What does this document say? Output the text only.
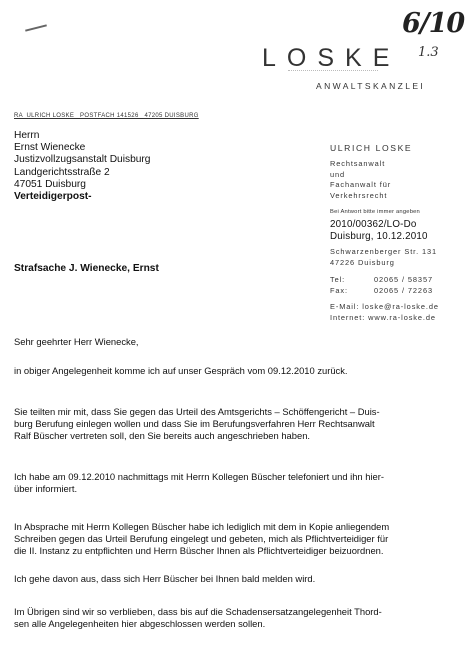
6/10
1.3
LOSKE
ANWALTSKANZLEI
RA  ULRICH LOSKE   POSTFACH 141526   47205 DUISBURG
Herrn
Ernst Wienecke
Justizvollzugsanstalt Duisburg
Landgerichtsstraße 2
47051 Duisburg
Verteidigerpost-
ULRICH LOSKE
Rechtsanwalt
und
Fachanwalt für
Verkehrsrecht
Bei Antwort bitte immer angeben
2010/00362/LO-Do
Duisburg, 10.12.2010
Schwarzenberger Str. 131
47226 Duisburg
Tel:	02065 / 58357
Fax:	02065 / 72263
E-Mail: loske@ra-loske.de
Internet: www.ra-loske.de
Strafsache J. Wienecke, Ernst
Sehr geehrter Herr Wienecke,
in obiger Angelegenheit komme ich auf unser Gespräch vom 09.12.2010 zurück.
Sie teilten mir mit, dass Sie gegen das Urteil des Amtsgerichts – Schöffengericht – Duis-
burg Berufung einlegen wollen und dass Sie im Berufungsverfahren Herr Rechtsanwalt
Ralf Büscher vertreten soll, den Sie bereits auch angeschrieben haben.
Ich habe am 09.12.2010 nachmittags mit Herrn Kollegen Büscher telefoniert und ihn hier-
über informiert.
In Absprache mit Herrn Kollegen Büscher habe ich lediglich mit dem in Kopie anliegendem
Schreiben gegen das Urteil Berufung eingelegt und gebeten, mich als Pflichtverteidiger für
die II. Instanz zu entpflichten und Herrn Büscher Ihnen als Pflichtverteidiger beizuordnen.
Ich gehe davon aus, dass sich Herr Büscher bei Ihnen bald melden wird.
Im Übrigen sind wir so verblieben, dass bis auf die Schadensersatzangelegenheit Thord-
sen alle Angelegenheiten hier abgeschlossen werden sollen.
